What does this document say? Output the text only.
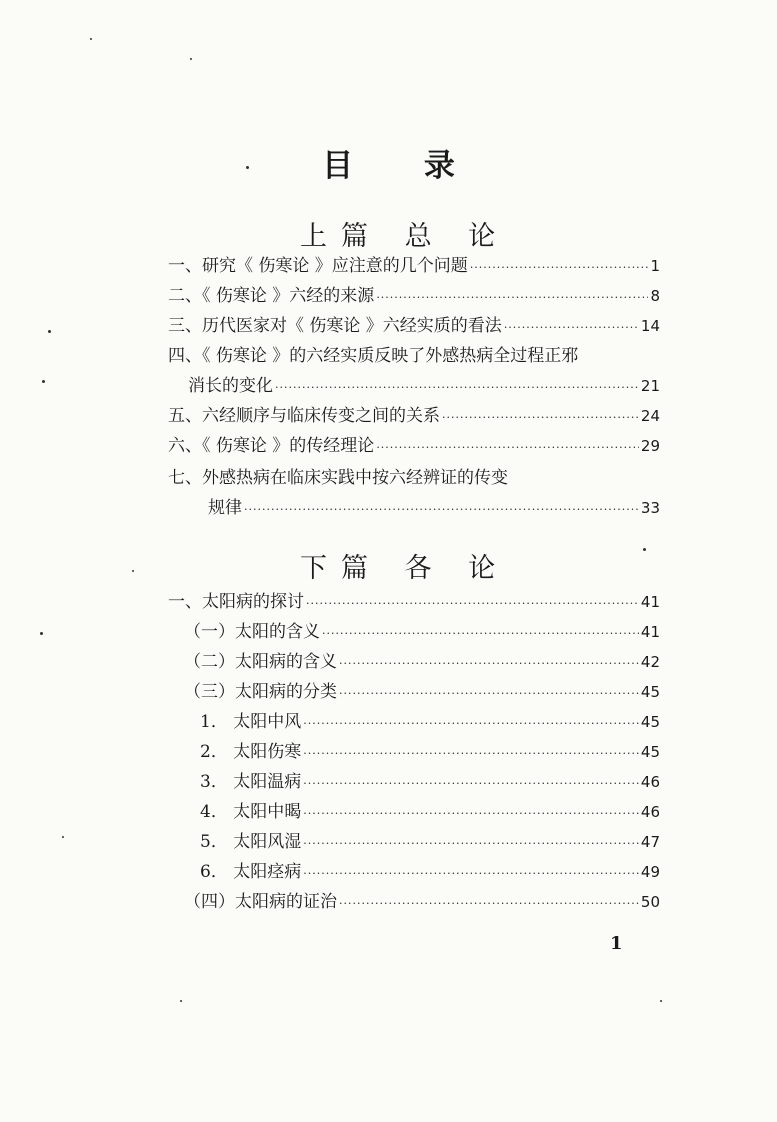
目 录
上篇 总 论
一、研究《 伤寒论 》应注意的几个问题 ·····	1
二、《 伤寒论 》六经的来源 ·····	8
三、历代医家对《 伤寒论 》六经实质的看法 ·····	14
四、《 伤寒论 》的六经实质反映了外感热病全过程正邪
消长的变化 ·····	21
五、六经顺序与临床传变之间的关系 ·····	24
六、《 伤寒论 》的传经理论 ·····	29
七、外感热病在临床实践中按六经辨证的传变
规律 ·····	33
下篇 各 论
一、太阳病的探讨 ·····	41
（一）太阳的含义 ·····	41
（二）太阳病的含义 ·····	42
（三）太阳病的分类 ·····	45
1． 太阳中风 ·····	45
2． 太阳伤寒 ·····	45
3． 太阳温病 ·····	46
4． 太阳中暍 ·····	46
5． 太阳风湿 ·····	47
6． 太阳痉病 ·····	49
（四）太阳病的证治 ·····	50
1
